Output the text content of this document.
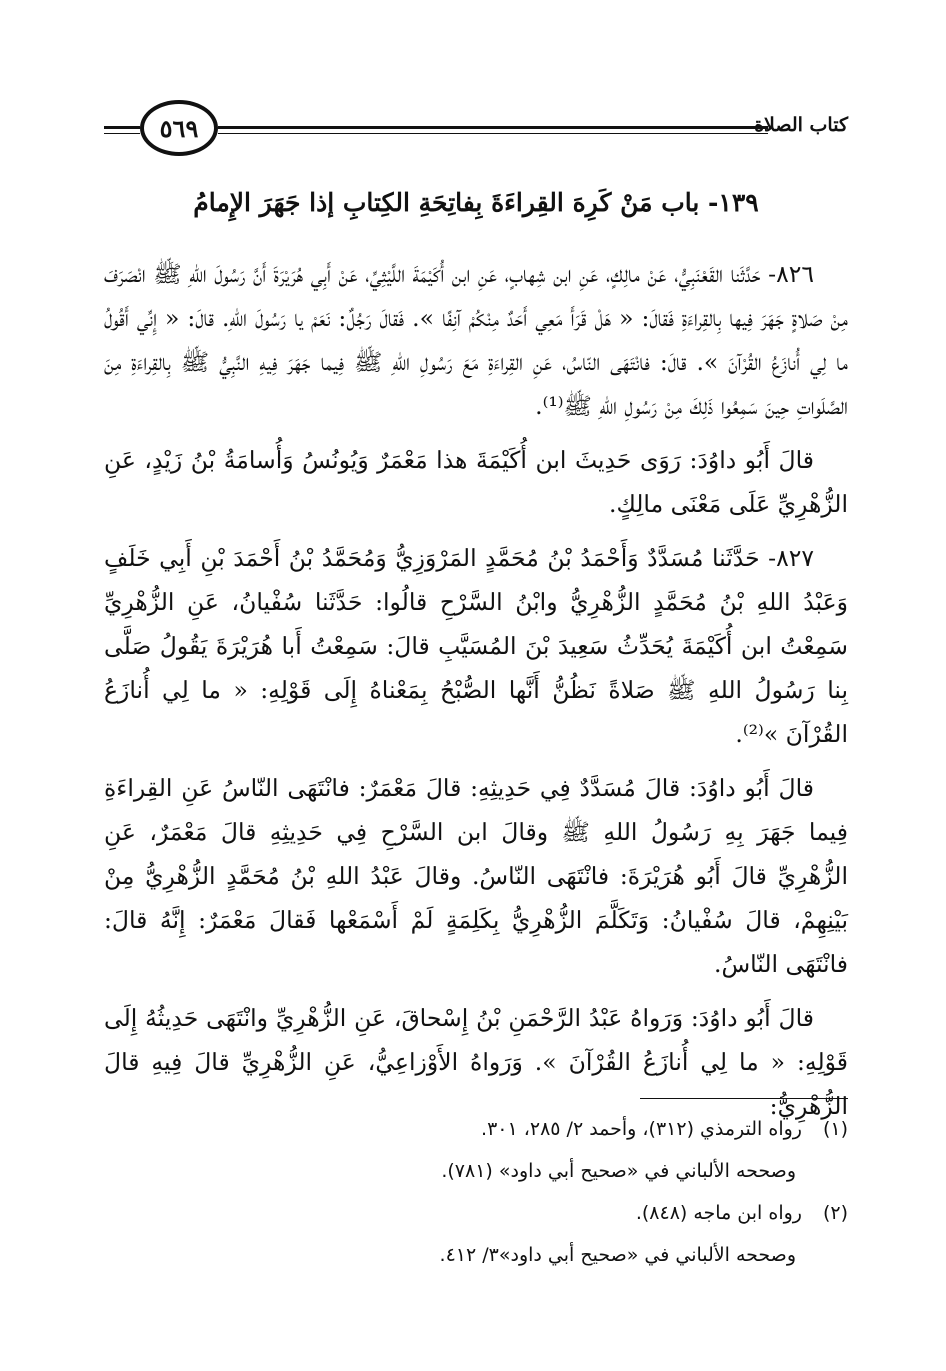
٥٦٩	كتاب الصلاة
١٣٩- باب مَنْ كَرِهَ القِراءَةَ بِفاتِحَةِ الكِتابِ إذا جَهَرَ الإِمامُ

٨٢٦- حَدَّثَنا القَعْنَبِيُّ، عَنْ مالِكٍ، عَنِ ابن شِهابٍ، عَنِ ابن أُكَيْمَةَ اللَّيْثِيِّ، عَنْ أَبِي هُرَيْرَةَ أَنَّ رَسُولَ اللهِ ﷺ انْصَرَفَ مِنْ صَلاةٍ جَهَرَ فِيها بِالقِراءَةِ فَقالَ: « هَلْ قَرَأَ مَعِي أَحَدٌ مِنْكُمْ آنِفًا ». فَقالَ رَجُلٌ: نَعَمْ يا رَسُولَ اللهِ. قالَ: « إِنِّي أَقُولُ ما لِي أُنازَعُ القُرْآنَ ». قالَ: فانْتَهَى النّاسُ، عَنِ القِراءَةِ مَعَ رَسُولِ اللهِ ﷺ فِيما جَهَرَ فِيهِ النَّبِيُّ ﷺ بِالقِراءَةِ مِنَ الصَّلَواتِ حِينَ سَمِعُوا ذَلِكَ مِنْ رَسُولِ اللهِ ﷺ⁽¹⁾.

قالَ أَبُو داوُدَ: رَوَى حَدِيثَ ابن أُكَيْمَةَ هذا مَعْمَرٌ وَيُونُسُ وَأُسامَةُ بْنُ زَيْدٍ، عَنِ الزُّهْرِيِّ عَلَى مَعْنَى مالِكٍ.

٨٢٧- حَدَّثَنا مُسَدَّدٌ وَأَحْمَدُ بْنُ مُحَمَّدٍ المَرْوَزِيُّ وَمُحَمَّدُ بْنُ أَحْمَدَ بْنِ أَبِي خَلَفٍ وَعَبْدُ اللهِ بْنُ مُحَمَّدٍ الزُّهْرِيُّ وابْنُ السَّرْحِ قالُوا: حَدَّثَنا سُفْيانُ، عَنِ الزُّهْرِيِّ سَمِعْتُ ابن أُكَيْمَةَ يُحَدِّثُ سَعِيدَ بْنَ المُسَيَّبِ قالَ: سَمِعْتُ أَبا هُرَيْرَةَ يَقُولُ صَلَّى بِنا رَسُولُ اللهِ ﷺ صَلاةً نَظُنُّ أَنَّها الصُّبْحُ بِمَعْناهُ إِلَى قَوْلِهِ: « ما لِي أُنازَعُ القُرْآنَ »⁽²⁾.

قالَ أَبُو داوُدَ: قالَ مُسَدَّدٌ فِي حَدِيثِهِ: قالَ مَعْمَرٌ: فانْتَهَى النّاسُ عَنِ القِراءَةِ فِيما جَهَرَ بِهِ رَسُولُ اللهِ ﷺ وقالَ ابن السَّرْحِ فِي حَدِيثِهِ قالَ مَعْمَرٌ، عَنِ الزُّهْرِيِّ قالَ أَبُو هُرَيْرَةَ: فانْتَهَى النّاسُ. وقالَ عَبْدُ اللهِ بْنُ مُحَمَّدٍ الزُّهْرِيُّ مِنْ بَيْنِهِمْ، قالَ سُفْيانُ: وَتَكَلَّمَ الزُّهْرِيُّ بِكَلِمَةٍ لَمْ أَسْمَعْها فَقالَ مَعْمَرٌ: إِنَّهُ قالَ: فانْتَهَى النّاسُ.

قالَ أَبُو داوُدَ: وَرَواهُ عَبْدُ الرَّحْمَنِ بْنُ إِسْحاقَ، عَنِ الزُّهْرِيِّ وانْتَهَى حَدِيثُهُ إِلَى قَوْلِهِ: « ما لِي أُنازَعُ القُرْآنَ ». وَرَواهُ الأَوْزاعِيُّ، عَنِ الزُّهْرِيِّ قالَ فِيهِ قالَ الزُّهْرِيُّ:

(١) رواه الترمذي (٣١٢)، وأحمد ٢/ ٢٨٥، ٣٠١.
وصححه الألباني في «صحيح أبي داود» (٧٨١).
(٢) رواه ابن ماجه (٨٤٨).
وصححه الألباني في «صحيح أبي داود»٣/ ٤١٢.
